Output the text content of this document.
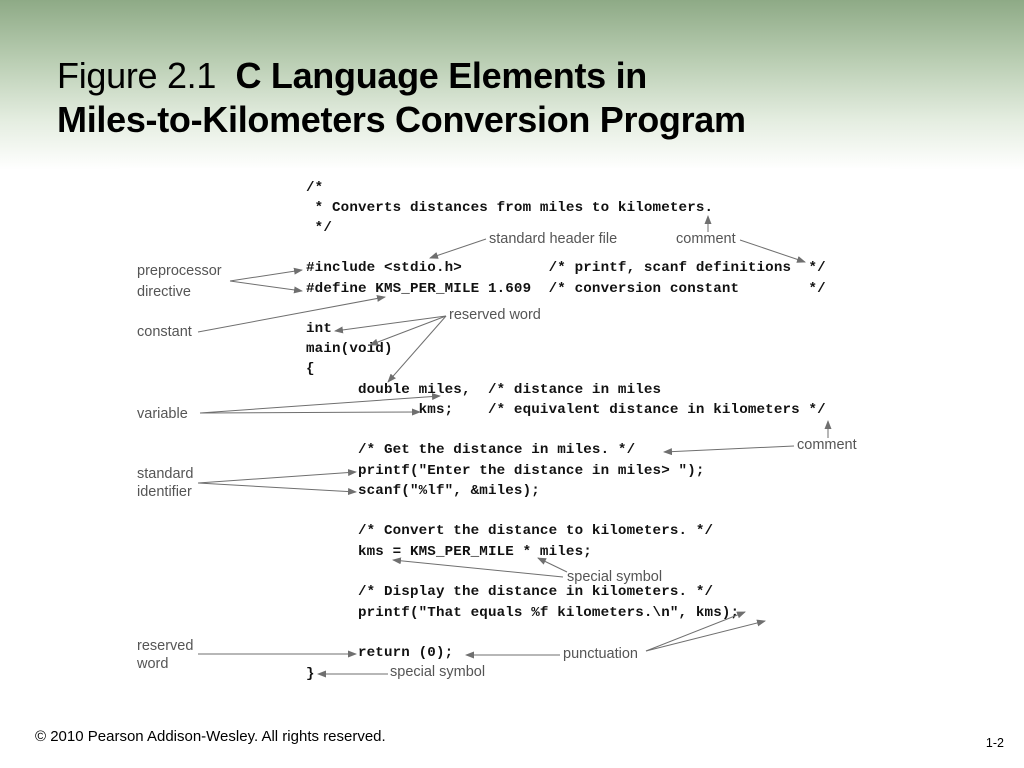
Figure 2.1 C Language Elements in
Miles-to-Kilometers Conversion Program
/*
* Converts distances from miles to kilometers.
*/
#include <stdio.h>          /* printf, scanf definitions  */
#define KMS_PER_MILE 1.609  /* conversion constant        */
int
main(void)
{
double miles,  /* distance in miles
kms;    /* equivalent distance in kilometers */
/* Get the distance in miles. */
printf("Enter the distance in miles> ");
scanf("%lf", &miles);
/* Convert the distance to kilometers. */
kms = KMS_PER_MILE * miles;
/* Display the distance in kilometers. */
printf("That equals %f kilometers.\n", kms);
return (0);
}
standard header file	comment
preprocessor
directive
constant
reserved word
variable
comment
standard
identifier
special symbol
reserved
word
punctuation
special symbol
© 2010 Pearson Addison-Wesley. All rights reserved.	1-2
